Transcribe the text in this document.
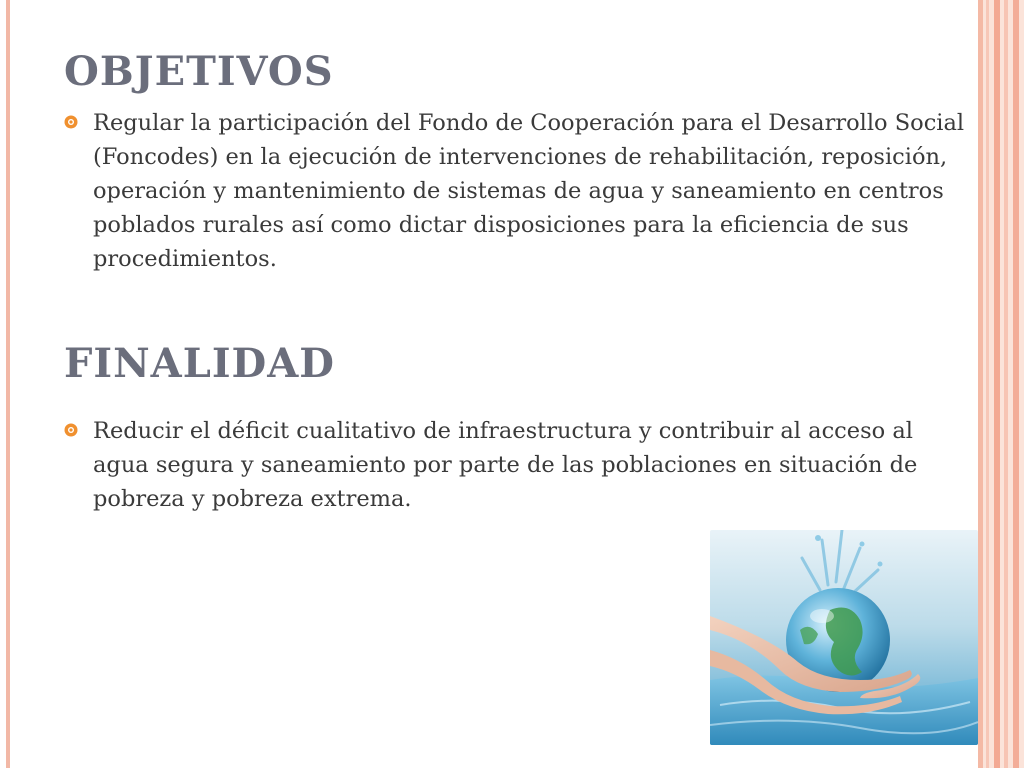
OBJETIVOS
Regular la participación del Fondo de Cooperación para el Desarrollo Social (Foncodes) en la ejecución de intervenciones de rehabilitación, reposición, operación y mantenimiento de sistemas de agua y saneamiento en centros poblados rurales así como dictar disposiciones para la eficiencia de sus procedimientos.
FINALIDAD
Reducir el déficit cualitativo de infraestructura y contribuir al acceso al agua segura y saneamiento por parte de las poblaciones en situación de pobreza y pobreza extrema.
